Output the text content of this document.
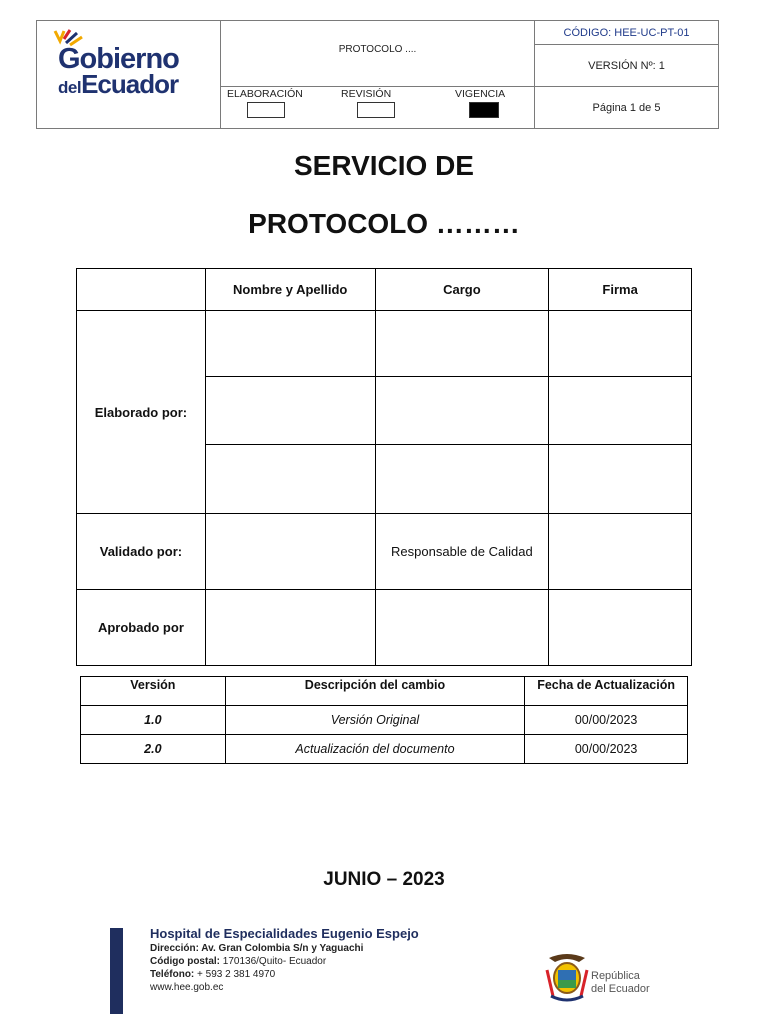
Gobierno
delEcuador
PROTOCOLO ....
ELABORACIÓN	REVISIÓN	VIGENCIA
CÓDIGO: HEE-UC-PT-01
VERSIÓN Nº: 1
Página 1 de 5
SERVICIO DE
PROTOCOLO ………
	Nombre y Apellido	Cargo	Firma
Elaborado por:			

Validado por:		Responsable de Calidad	
Aprobado por			
Versión	Descripción del cambio	Fecha de Actualización
1.0	Versión Original	00/00/2023
2.0	Actualización del documento	00/00/2023
JUNIO – 2023
Hospital de Especialidades Eugenio Espejo
Dirección: Av. Gran Colombia S/n y Yaguachi
Código postal: 170136/Quito- Ecuador
Teléfono: + 593 2 381 4970
www.hee.gob.ec
República
del Ecuador
